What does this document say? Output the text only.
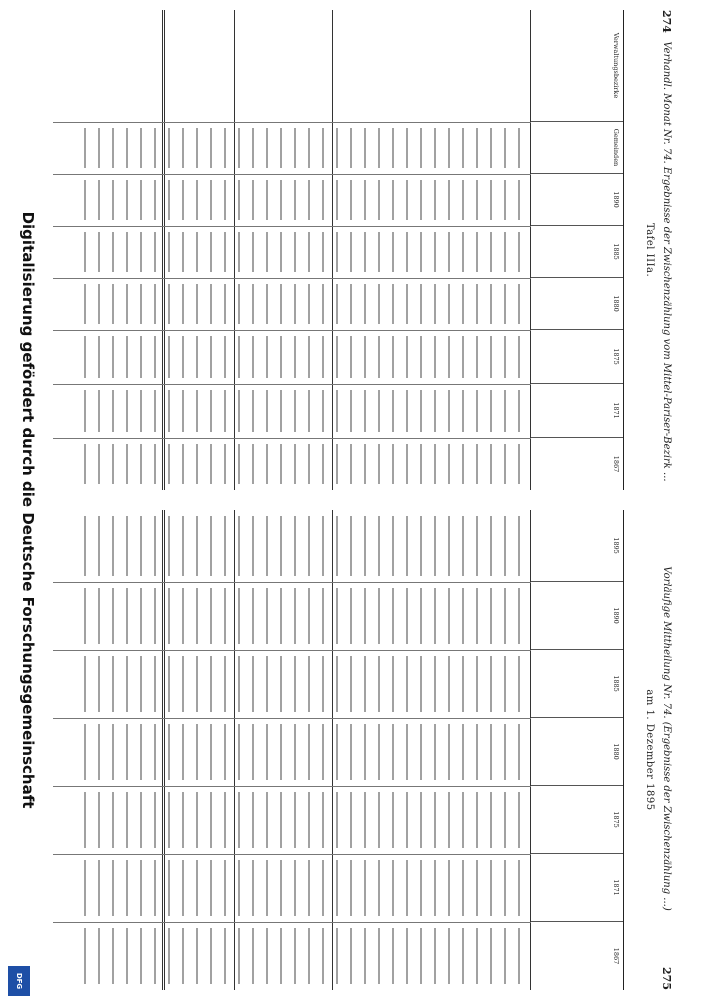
274
Verhandl. Monat Nr. 74. Ergebnisse der Zwischenzählung vom Mittel-Pariser-Bezirk ...
Tafel IIIa.
Verwaltungsbezirke
Gemeinden
1890
1885
1880
1875
1871
1867
Vorläufige Mittheilung Nr. 74. (Ergebnisse der Zwischenzählung ...)
275
am 1. Dezember 1895
1895
1890
1885
1880
1875
1871
1867
Digitalisierung gefördert durch die Deutsche Forschungsgemeinschaft
DFG
